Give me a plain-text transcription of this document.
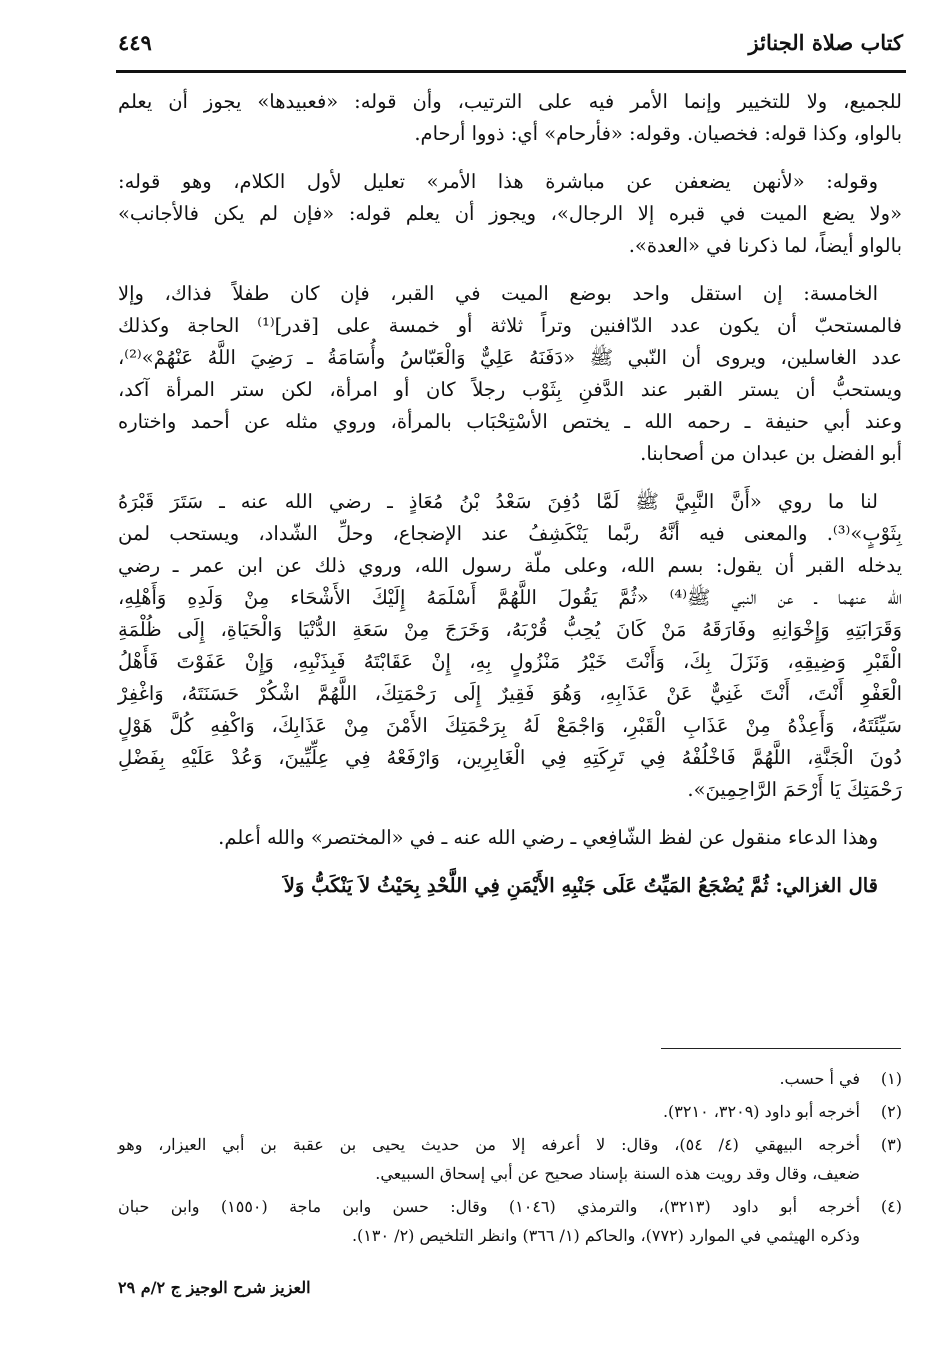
كتاب صلاة الجنائز
٤٤٩
للجميع، ولا للتخيير وإنما الأمر فيه على الترتيب، وأن قوله: «فعبيدها» يجوز أن يعلم
بالواو، وكذا قوله: فخصيان. وقوله: «فأرحام» أي: ذووا أرحام.
وقوله: «لأنهن يضعفن عن مباشرة هذا الأمر» تعليل لأول الكلام، وهو قوله:
«ولا يضع الميت في قبره إلا الرجال»، ويجوز أن يعلم قوله: «فإن لم يكن فالأجانب»
بالواو أيضاً، لما ذكرنا في «العدة».
الخامسة: إن استقل واحد بوضع الميت في القبر، فإن كان طفلاً فذاك، وإلا
فالمستحبّ أن يكون عدد الدّافنين وتراً ثلاثة أو خمسة على [قدر]⁽¹⁾ الحاجة وكذلك
عدد الغاسلين، ويروى أن النّبي ﷺ «دَفَنَهُ عَلِيٌّ وَالْعَبّاسُ وأُسَامَةُ ـ رَضِيَ اللَّهُ عَنْهُمْ»⁽²⁾،
ويستحبُّ أن يستر القبر عند الدَّفنِ بِثَوْب رجلاً كان أو امرأة، لكن ستر المرأة آكد،
وعند أبي حنيفة ـ رحمه الله ـ يختص الأسْتِحْبَاب بالمرأة، وروي مثله عن أحمد واختاره
أبو الفضل بن عبدان من أصحابنا.
لنا ما روي «أَنَّ النَّبِيَّ ﷺ لَمَّا دُفِنَ سَعْدُ بْنُ مُعَاذٍ ـ رضي الله عنه ـ سَتَرَ قَبْرَهُ
بِثَوْبٍ»⁽³⁾. والمعنى فيه أنَّهُ ربَّما يَنْكَشِفُ عند الإضجاع، وحلِّ الشّداد، ويستحب لمن
يدخله القبر أن يقول: بسم الله، وعلى ملّة رسول الله، وروي ذلك عن ابن عمر ـ رضي
الله عنهما ـ عن النبي ﷺ⁽⁴⁾ «ثُمَّ يَقُولَ اللَّهُمَّ أَسْلَمَهُ إِلَيْكَ الأَشْحَاء مِنْ وَلَدِهِ وَأَهْلِهِ،
وَقَرَابَتِهِ وَإِخْوَانِهِ وفَارَقَهُ مَنْ كَانَ يُحِبُّ قُرْبَهُ، وَخَرَجَ مِنْ سَعَةِ الدُّنْيَا وَالْحَيَاةِ، إِلَى ظُلْمَةِ
الْقَبْرِ وَضِيقِهِ، وَنَزَلَ بِكَ، وَأَنْتَ خَيْرُ مَنْزُولٍ بِهِ، إِنْ عَقَابْتَهُ فَبِذَنْبِهِ، وَإِنْ عَفَوْتَ فَأَهْلُ
الْعَفْوِ أَنْتَ، أَنْتَ غَنِيٌّ عَنْ عَذَابِهِ، وَهُوَ فَقِيرٌ إِلَى رَحْمَتِكَ، اللَّهُمَّ اشْكُرْ حَسَنَتَهُ، وَاغْفِرْ
سَيِّئَتَهُ، وَأَعِذْهُ مِنْ عَذَابِ الْقَبْرِ، وَاجْمَعْ لَهُ بِرَحْمَتِكَ الأَمْنَ مِنْ عَذَابِكَ، وَاكْفِهِ كُلَّ هَوْلٍ
دُونَ الْجَنَّةِ، اللَّهُمَّ فَاخْلُفْهُ فِي تَرِكَتِهِ فِي الْغَابِرِين، وَارْفَعْهُ فِي عِلِّيِّينَ، وَعُدْ عَلَيْهِ بِفَضْلِ
رَحْمَتِكَ يَا أَرْحَمَ الرَّاحِمِينَ».
وهذا الدعاء منقول عن لفظ الشّافِعي ـ رضي الله عنه ـ في «المختصر» والله أعلم.
قال الغزالي: ثُمَّ يُضْجَعُ المَيِّتُ عَلَى جَنْبِهِ الأَيْمَنِ فِي اللَّحْدِ بِحَيْثُ لاَ يَنْكَبُّ وَلاَ
(١)
في أ حسب.
(٢)
أخرجه أبو داود (٣٢٠٩، ٣٢١٠).
(٣)
أخرجه البيهقي (٤/ ٥٤)، وقال: لا أعرفه إلا من حديث يحيى بن عقبة بن أبي العيزار، وهو
ضعيف، وقال وقد رويت هذه السنة بإسناد صحيح عن أبي إسحاق السبيعي.
(٤)
أخرجه أبو داود (٣٢١٣)، والترمذي (١٠٤٦) وقال: حسن وابن ماجة (١٥٥٠) وابن حبان
وذكره الهيثمي في الموارد (٧٧٢)، والحاكم (١/ ٣٦٦) وانظر التلخيص (٢/ ١٣٠).
العزيز شرح الوجيز ج ٢/م ٢٩
